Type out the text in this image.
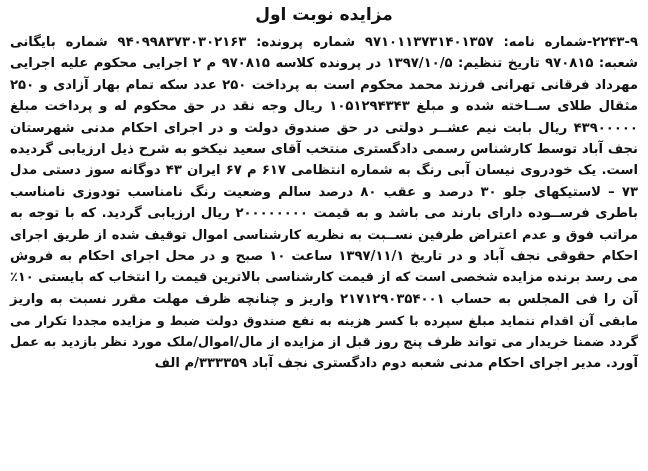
مزایده نوبت اول
۲۲۴۳-۹-شماره نامه: ۹۷۱۰۱۱۳۷۳۱۴۰۱۳۵۷ شماره پرونده: ۹۴۰۹۹۸۳۷۳۰۳۰۲۱۶۳ شماره بایگانی
شعبه: ۹۷۰۸۱۵ تاریخ تنظیم: ۱۳۹۷/۱۰/۵ در پرونده کلاسه ۹۷۰۸۱۵ م ۲ اجرایی محکوم علیه اجرایی
مهرداد فرقانی تهرانی فرزند محمد محکوم است به پرداخت ۲۵۰ عدد سکه تمام بهار آزادی و ۲۵۰
مثقال طلای ســاخته شده و مبلغ ۱۰۵۱۲۹۴۳۴۳ ریال وجه نقد در حق محکوم له و پرداخت مبلغ
۴۳۹۰۰۰۰۰ ریال بابت نیم عشــر دولتی در حق صندوق دولت و در اجرای احکام مدنی شهرستان
نجف آباد توسط کارشناس رسمی دادگستری منتخب آقای سعید نیکخو به شرح ذیل ارزیابی گردیده
است. یک خودروی نیسان آبی رنگ به شماره انتظامی ۶۱۷ م ۶۷ ایران ۴۳ دوگانه سوز دستی مدل
۷۳ – لاستیکهای جلو ۳۰ درصد و عقب ۸۰ درصد سالم وضعیت رنگ نامناسب تودوزی نامناسب
باطری فرســوده دارای بارند می باشد و به قیمت ۲۰۰۰۰۰۰۰۰ ریال ارزیابی گردید. که با توجه به
مراتب فوق و عدم اعتراض طرفین نســبت به نظریه کارشناسی اموال توقیف شده از طریق اجرای
احکام حقوقی نجف آباد و در تاریخ ۱۳۹۷/۱۱/۱ ساعت ۱۰ صبح و در محل اجرای احکام به فروش
می رسد برنده مزایده شخصی است که از قیمت کارشناسی بالاترین قیمت را انتخاب که بایستی ۱۰٪
آن را فی المجلس به حساب ۲۱۷۱۲۹۰۳۵۴۰۰۱ واریز و چنانچه ظرف مهلت مقرر نسبت به واریز
مابقی آن اقدام ننماید مبلغ سپرده با کسر هزینه به نفع صندوق دولت ضبط و مزایده مجددا تکرار می
گردد ضمنا خریدار می تواند ظرف پنج روز قبل از مزایده از مال/اموال/ملک مورد نظر بازدید به عمل
آورد. مدیر اجرای احکام مدنی شعبه دوم دادگستری نجف آباد ۳۳۳۳۵۹/م الف
